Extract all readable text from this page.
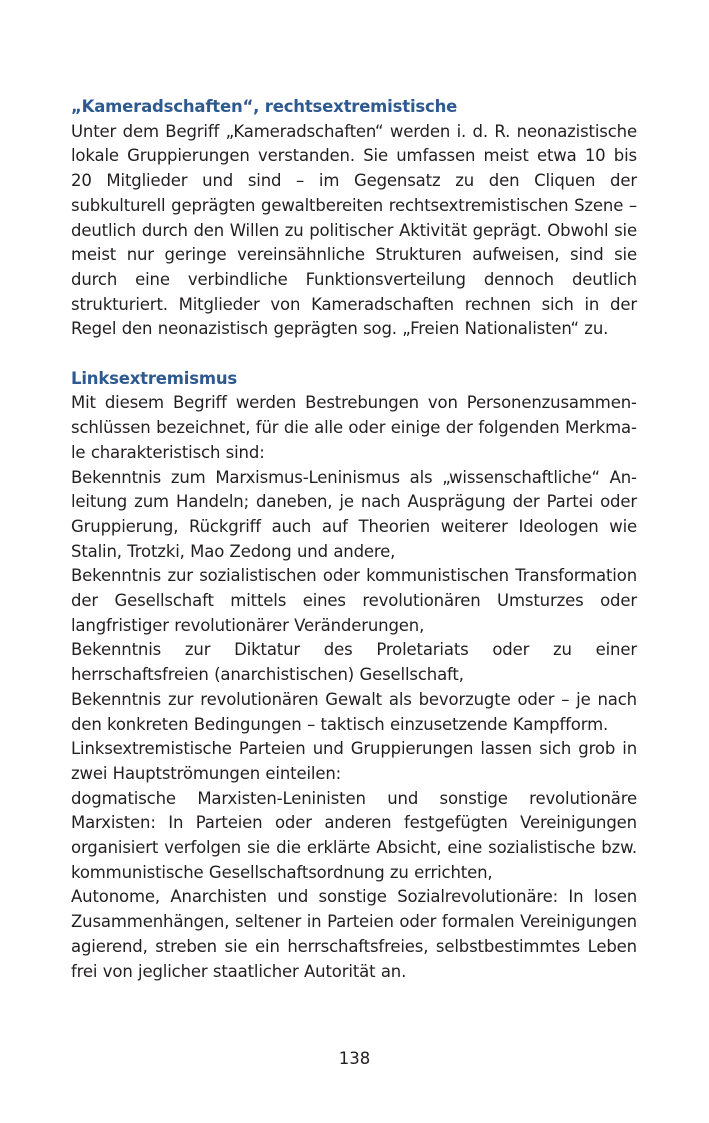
„Kameradschaften“, rechtsextremistische

Unter dem Begriff „Kameradschaften“ werden i. d. R. neonazistische lokale Gruppierungen verstanden. Sie umfassen meist etwa 10 bis 20 Mitglieder und sind – im Gegensatz zu den Cliquen der subkulturell geprägten gewaltbereiten rechtsextremistischen Szene – deutlich durch den Willen zu politischer Aktivität geprägt. Obwohl sie meist nur geringe vereinsähnliche Strukturen aufweisen, sind sie durch eine verbindliche Funktionsverteilung dennoch deutlich strukturiert. Mitglieder von Kameradschaften rechnen sich in der Regel den neonazistisch geprägten sog. „Freien Nationalisten“ zu.

Linksextremismus

Mit diesem Begriff werden Bestrebungen von Personenzusammenschlüssen bezeichnet, für die alle oder einige der folgenden Merkmale charakteristisch sind:

Bekenntnis zum Marxismus-Leninismus als „wissenschaftliche“ Anleitung zum Handeln; daneben, je nach Ausprägung der Partei oder Gruppierung, Rückgriff auch auf Theorien weiterer Ideologen wie Stalin, Trotzki, Mao Zedong und andere,

Bekenntnis zur sozialistischen oder kommunistischen Transformation der Gesellschaft mittels eines revolutionären Umsturzes oder langfristiger revolutionärer Veränderungen,

Bekenntnis zur Diktatur des Proletariats oder zu einer herrschaftsfreien (anarchistischen) Gesellschaft,

Bekenntnis zur revolutionären Gewalt als bevorzugte oder – je nach den konkreten Bedingungen – taktisch einzusetzende Kampfform.

Linksextremistische Parteien und Gruppierungen lassen sich grob in zwei Hauptströmungen einteilen:

dogmatische Marxisten-Leninisten und sonstige revolutionäre Marxisten: In Parteien oder anderen festgefügten Vereinigungen organisiert verfolgen sie die erklärte Absicht, eine sozialistische bzw. kommunistische Gesellschaftsordnung zu errichten,

Autonome, Anarchisten und sonstige Sozialrevolutionäre: In losen Zusammenhängen, seltener in Parteien oder formalen Vereinigungen agierend, streben sie ein herrschaftsfreies, selbstbestimmtes Leben frei von jeglicher staatlicher Autorität an.

138
